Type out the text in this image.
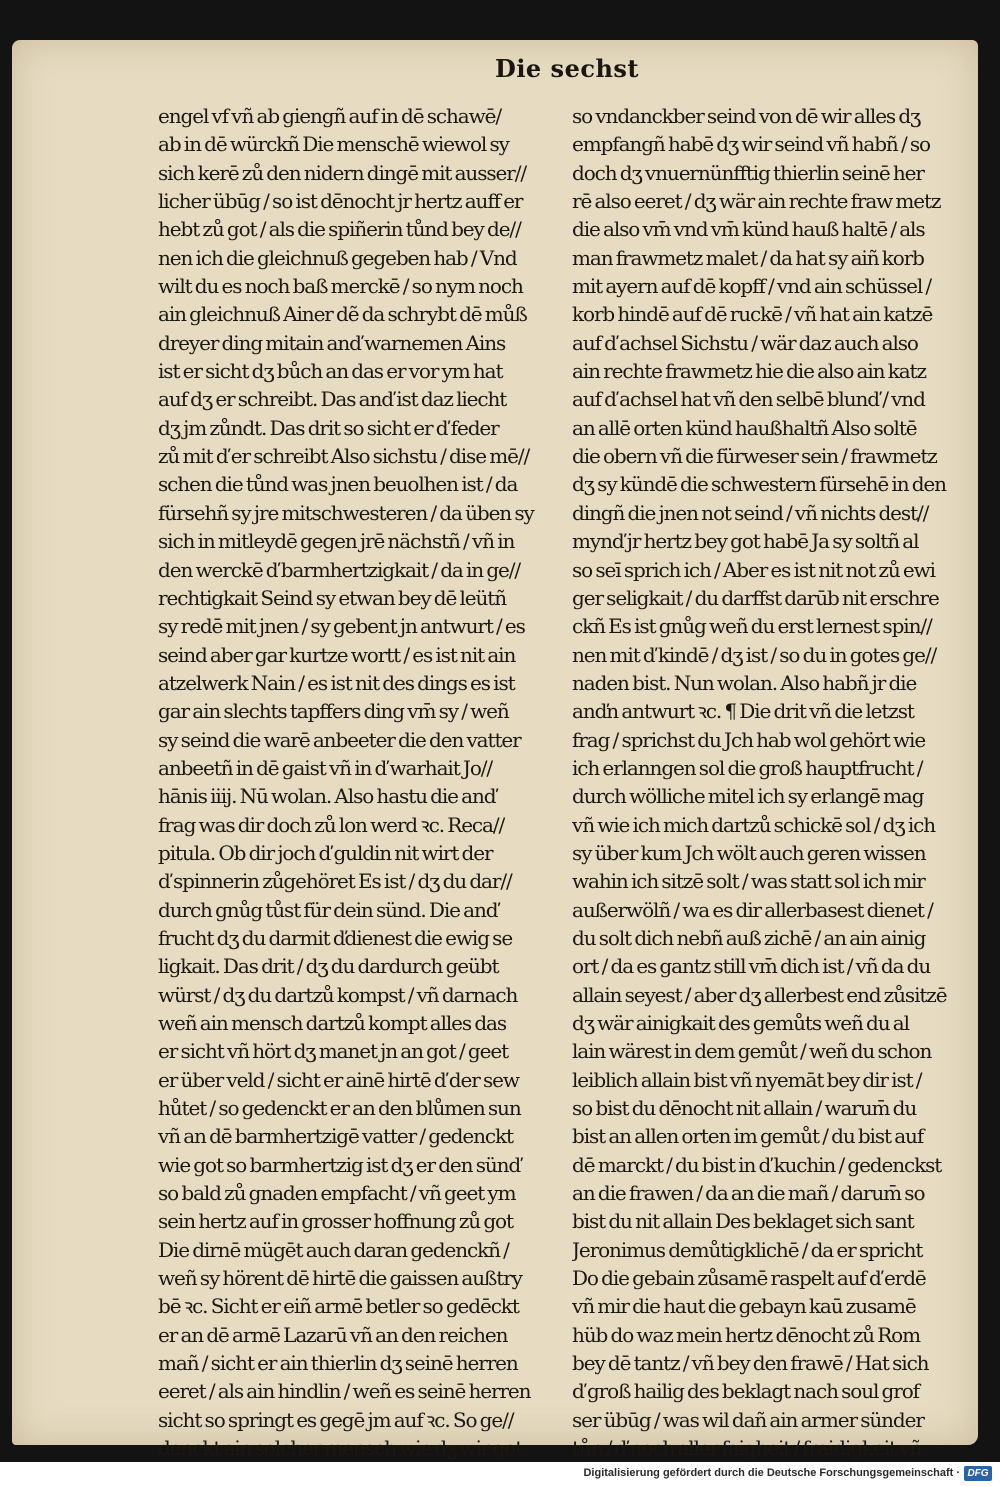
Die sechst
engel vf vñ ab giengñ auf in dē schawē/
ab in dē würckñ Die menschē wiewol sy
sich kerē zů den nidern dingē mit ausser//
licher übūg / so ist dēnocht jr hertz auff er
hebt zů got / als die spiñerin tůnd bey de//
nen ich die gleichnuß gegeben hab / Vnd
wilt du es noch baß merckē / so nym noch
ain gleichnuß Ainer dẽ da schrybt dē můß
dreyer ding mitain anď warnemen Ains
ist er sicht dʒ bůch an das er vor ym hat
auf dʒ er schreibt. Das anď ist daz liecht
dʒ jm zůndt. Das drit so sicht er ď feder
zů mit ď er schreibt Also sichstu / dise mē//
schen die tůnd was jnen beuolhen ist / da
fürsehñ sy jre mitschwesteren / da üben sy
sich in mitleydē gegen jrē nächstñ / vñ in
den werckē ď barmhertzigkait / da in ge//
rechtigkait Seind sy etwan bey dē leütñ
sy redē mit jnen / sy gebent jn antwurt / es
seind aber gar kurtze wortt / es ist nit ain
atzelwerk Nain / es ist nit des dings es ist
gar ain slechts tapffers ding vm̄ sy / weñ
sy seind die warē anbeeter die den vatter
anbeetñ in dē gaist vñ in ď warhait Jo//
hānis iiij. Nū wolan. Also hastu die anď
frag was dir doch zů lon werd ꝛc. Reca//
pitula. Ob dir joch ď guldin nit wirt der
ď spinnerin zůgehöret Es ist / dʒ du dar//
durch gnůg tůst für dein sünd. Die anď
frucht dʒ du darmit ďdienest die ewig se
ligkait. Das drit / dʒ du dardurch geübt
würst / dʒ du dartzů kompst / vñ darnach
weñ ain mensch dartzů kompt alles das
er sicht vñ hört dʒ manet jn an got / geet
er über veld / sicht er ainē hirtē ď der sew
hůtet / so gedenckt er an den blůmen sun
vñ an dē barmhertzigē vatter / gedenckt
wie got so barmhertzig ist dʒ er den sünď
so bald zů gnaden empfacht / vñ geet ym
sein hertz auf in grosser hoffnung zů got
Die dirnē mügēt auch daran gedenckñ /
weñ sy hörent dē hirtē die gaissen außtry
bē ꝛc. Sicht er eiñ armē betler so gedēckt
er an dē armē Lazarū vñ an den reichen
mañ / sicht er ain thierlin dʒ seinē herren
eeret / als ain hindlin / weñ es seinē herren
sicht so springt es gegē jm auf ꝛc. So ge//
denckt ain solcher mensch wie dʒ wir got
so vndanckber seind von dē wir alles dʒ
empfangñ habē dʒ wir seind vñ habñ / so
doch dʒ vnuernünfftig thierlin seinē her
rē also eeret / dʒ wär ain rechte fraw metz
die also vm̄ vnd vm̄ künd hauß haltē / als
man frawmetz malet / da hat sy aiñ korb
mit ayern auf dē kopff / vnd ain schüssel /
korb hindē auf dē ruckē / vñ hat ain katzē
auf ď achsel Sichstu / wär daz auch also
ain rechte frawmetz hie die also ain katz
auf ď achsel hat vñ den selbē blunď / vnd
an allē orten künd haußhaltñ Also soltē
die obern vñ die fürweser sein / frawmetz
dʒ sy kündē die schwestern fürsehē in den
dingñ die jnen not seind / vñ nichts dest//
mynď jr hertz bey got habē Ja sy soltñ al
so seī sprich ich / Aber es ist nit not zů ewi
ger seligkait / du darffst darūb nit erschre
ckñ Es ist gnůg weñ du erst lernest spin//
nen mit ď kindē / dʒ ist / so du in gotes ge//
naden bist. Nun wolan. Also habñ jr die
anďn antwurt ꝛc. ¶ Die drit vñ die letzst
frag / sprichst du Jch hab wol gehört wie
ich erlanngen sol die groß hauptfrucht /
durch wölliche mitel ich sy erlangē mag
vñ wie ich mich dartzů schickē sol / dʒ ich
sy über kum Jch wölt auch geren wissen
wahin ich sitzē solt / was statt sol ich mir
außerwölñ / wa es dir allerbasest dienet /
du solt dich nebñ auß zichē / an ain ainig
ort / da es gantz still vm̄ dich ist / vñ da du
allain seyest / aber dʒ allerbest end zůsitzē
dʒ wär ainigkait des gemůts weñ du al
lain wärest in dem gemůt / weñ du schon
leiblich allain bist vñ nyemāt bey dir ist /
so bist du dēnocht nit allain / warum̄ du
bist an allen orten im gemůt / du bist auf
dē marckt / du bist in ď kuchin / gedenckst
an die frawen / da an die mañ / darum̄ so
bist du nit allain Des beklaget sich sant
Jeronimus demůtigklichē / da er spricht
Do die gebain zůsamē raspelt auf ď erdē
vñ mir die haut die gebayn kaū zusamē
hüb do waz mein hertz dēnocht zů Rom
bey dē tantz / vñ bey den frawē / Hat sich
ď groß hailig des beklagt nach soul grof
ser übūg / was wil dañ ain armer sünder
tůn / ď noch aller faigheit / fraidigkeit vñ
Digitalisierung gefördert durch die Deutsche Forschungsgemeinschaft · DFG
